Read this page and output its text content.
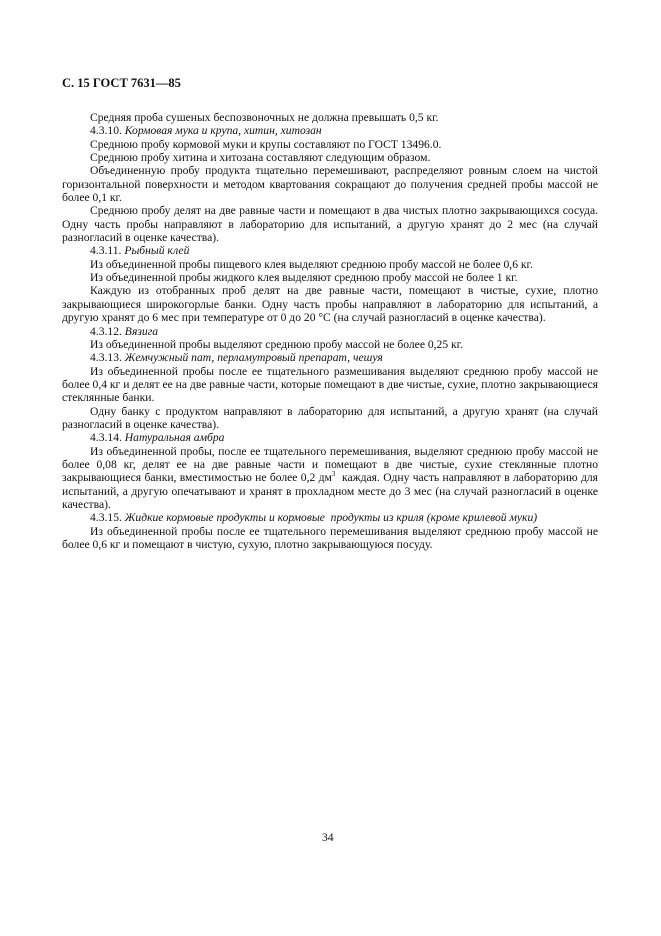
С. 15 ГОСТ 7631—85

Средняя проба сушеных беспозвоночных не должна превышать 0,5 кг.

4.3.10. Кормовая мука и крупа, хитин, хитозан

Среднюю пробу кормовой муки и крупы составляют по ГОСТ 13496.0.

Среднюю пробу хитина и хитозана составляют следующим образом.

Объединенную пробу продукта тщательно перемешивают, распределяют ровным слоем на чистой горизонтальной поверхности и методом квартования сокращают до получения средней пробы массой не более 0,1 кг.

Среднюю пробу делят на две равные части и помещают в два чистых плотно закрывающихся сосуда. Одну часть пробы направляют в лабораторию для испытаний, а другую хранят до 2 мес (на случай разногласий в оценке качества).

4.3.11. Рыбный клей

Из объединенной пробы пищевого клея выделяют среднюю пробу массой не более 0,6 кг.

Из объединенной пробы жидкого клея выделяют среднюю пробу массой не более 1 кг.

Каждую из отобранных проб делят на две равные части, помещают в чистые, сухие, плотно закрывающиеся широкогорлые банки. Одну часть пробы направляют в лабораторию для испытаний, а другую хранят до 6 мес при температуре от 0 до 20 °С (на случай разногласий в оценке качества).

4.3.12. Вязига

Из объединенной пробы выделяют среднюю пробу массой не более 0,25 кг.

4.3.13. Жемчужный пат, перламутровый препарат, чешуя

Из объединенной пробы после ее тщательного размешивания выделяют среднюю пробу массой не более 0,4 кг и делят ее на две равные части, которые помещают в две чистые, сухие, плотно закрывающиеся стеклянные банки.

Одну банку с продуктом направляют в лабораторию для испытаний, а другую хранят (на случай разногласий в оценке качества).

4.3.14. Натуральная амбра

Из объединенной пробы, после ее тщательного перемешивания, выделяют среднюю пробу массой не более 0,08 кг, делят ее на две равные части и помещают в две чистые, сухие стеклянные плотно закрывающиеся банки, вместимостью не более 0,2 $дм^3$  каждая. Одну часть направляют в лабораторию для испытаний, а другую опечатывают и хранят в прохладном месте до 3 мес (на случай разногласий в оценке качества).

4.3.15. Жидкие кормовые продукты и кормовые  продукты из криля (кроме крилевой муки)

Из объединенной пробы после ее тщательного перемешивания выделяют среднюю пробу массой не более 0,6 кг и помещают в чистую, сухую, плотно закрывающуюся посуду.

34
